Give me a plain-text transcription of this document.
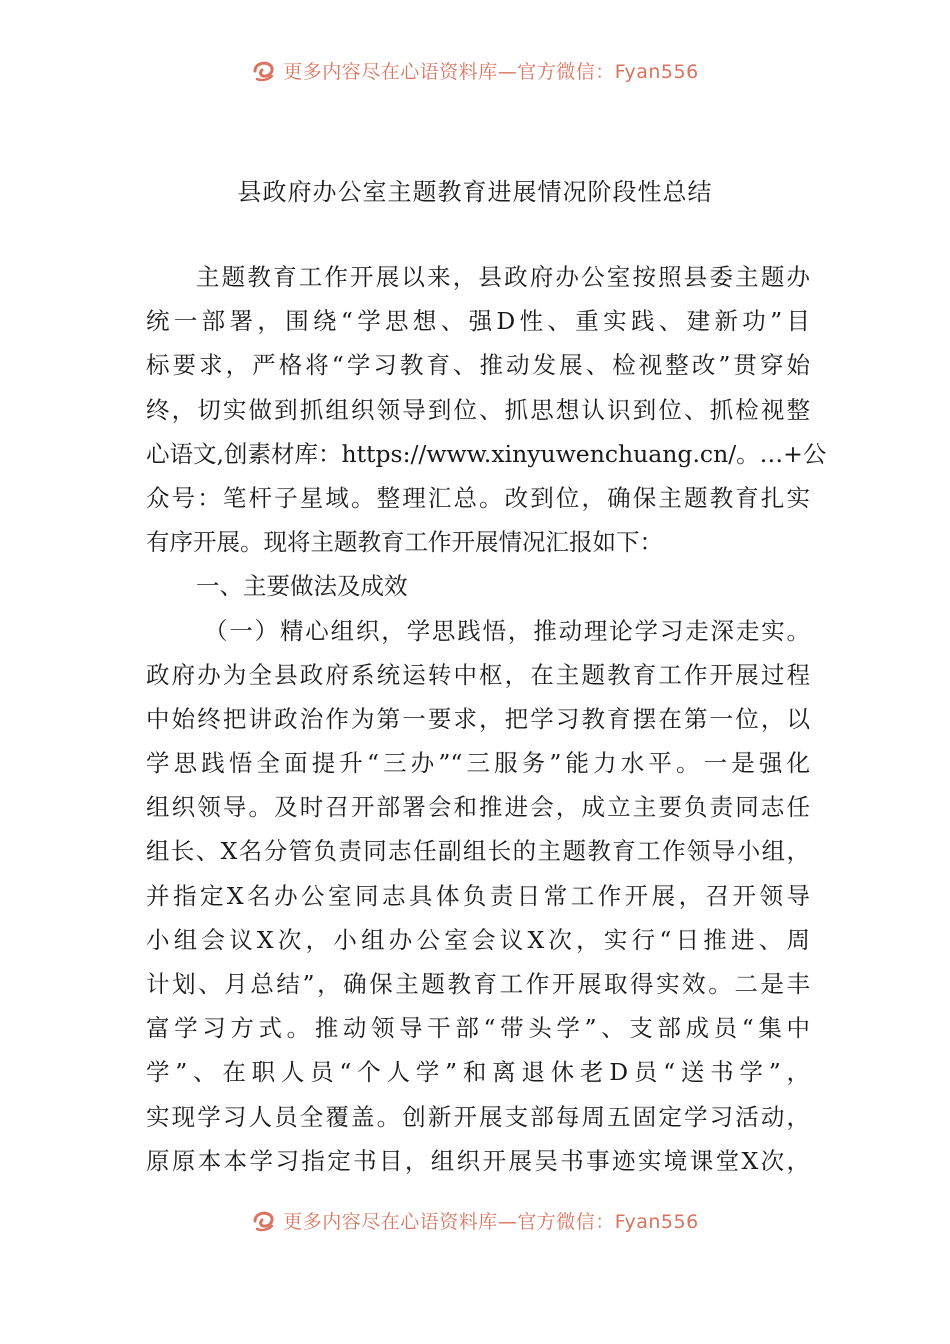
更多内容尽在心语资料库—官方微信：Fyan556
县政府办公室主题教育进展情况阶段性总结
主题教育工作开展以来，县政府办公室按照县委主题办
统一部署，围绕“学思想、强D性、重实践、建新功”目
标要求，严格将“学习教育、推动发展、检视整改”贯穿始
终，切实做到抓组织领导到位、抓思想认识到位、抓检视整
心语文,创素材库：https://www.xinyuwenchuang.cn/。…+公
众号：笔杆子星域。整理汇总。改到位，确保主题教育扎实
有序开展。现将主题教育工作开展情况汇报如下：
一、主要做法及成效
（一）精心组织，学思践悟，推动理论学习走深走实。
政府办为全县政府系统运转中枢，在主题教育工作开展过程
中始终把讲政治作为第一要求，把学习教育摆在第一位，以
学思践悟全面提升“三办”“三服务”能力水平。一是强化
组织领导。及时召开部署会和推进会，成立主要负责同志任
组长、X名分管负责同志任副组长的主题教育工作领导小组，
并指定X名办公室同志具体负责日常工作开展，召开领导
小组会议X次，小组办公室会议X次，实行“日推进、周
计划、月总结”，确保主题教育工作开展取得实效。二是丰
富学习方式。推动领导干部“带头学”、支部成员“集中
学”、在职人员“个人学”和离退休老D员“送书学”，
实现学习人员全覆盖。创新开展支部每周五固定学习活动，
原原本本学习指定书目，组织开展吴书事迹实境课堂X次，
更多内容尽在心语资料库—官方微信：Fyan556
